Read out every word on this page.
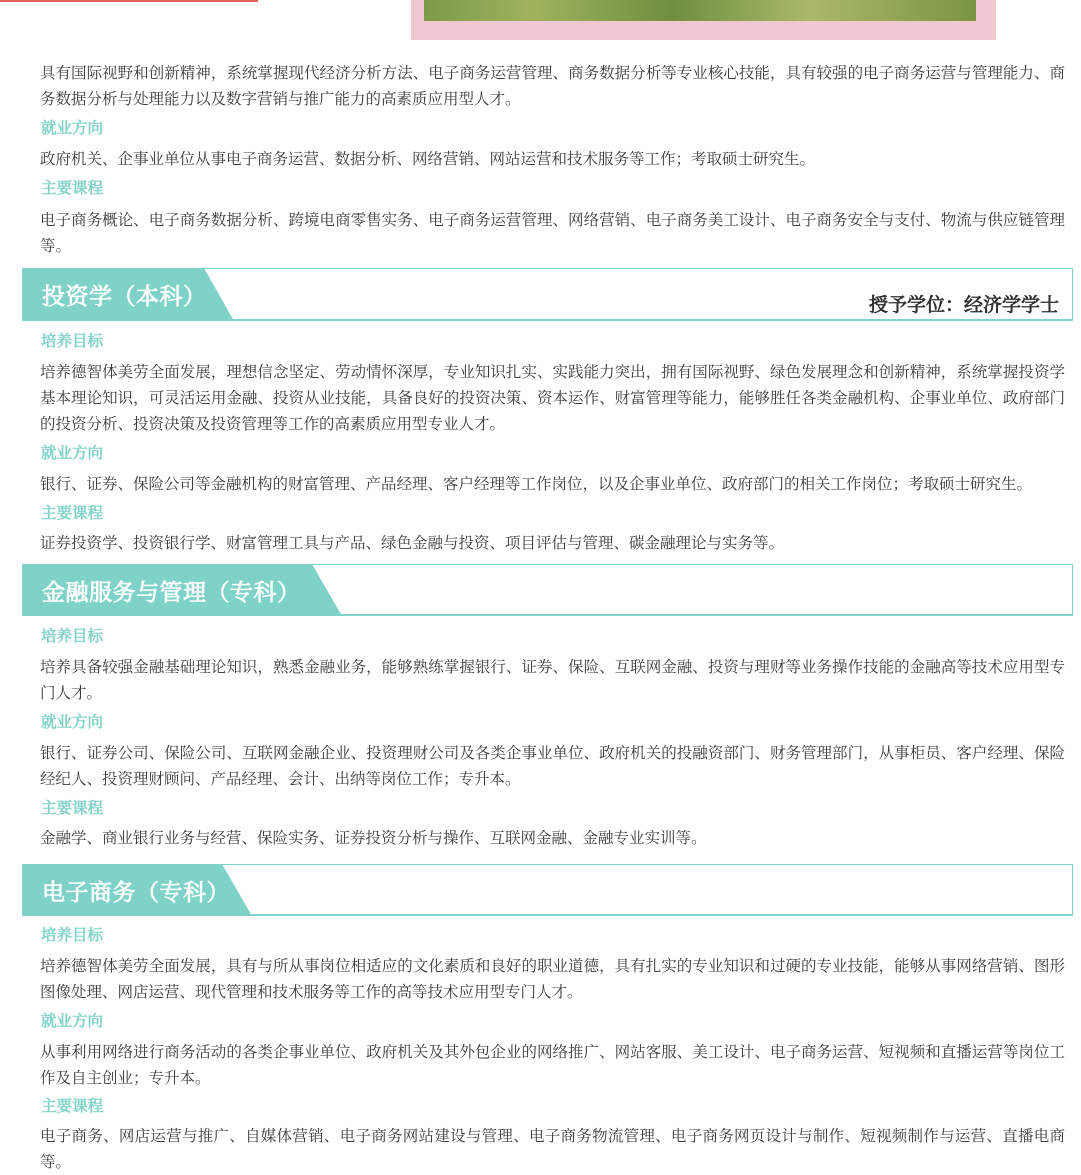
具有国际视野和创新精神，系统掌握现代经济分析方法、电子商务运营管理、商务数据分析等专业核心技能，具有较强的电子商务运营与管理能力、商务数据分析与处理能力以及数字营销与推广能力的高素质应用型人才。

就业方向

政府机关、企事业单位从事电子商务运营、数据分析、网络营销、网站运营和技术服务等工作；考取硕士研究生。

主要课程

电子商务概论、电子商务数据分析、跨境电商零售实务、电子商务运营管理、网络营销、电子商务美工设计、电子商务安全与支付、物流与供应链管理等。

投资学（本科）	授予学位：经济学学士

培养目标

培养德智体美劳全面发展，理想信念坚定、劳动情怀深厚，专业知识扎实、实践能力突出，拥有国际视野、绿色发展理念和创新精神，系统掌握投资学基本理论知识，可灵活运用金融、投资从业技能，具备良好的投资决策、资本运作、财富管理等能力，能够胜任各类金融机构、企事业单位、政府部门的投资分析、投资决策及投资管理等工作的高素质应用型专业人才。

就业方向

银行、证券、保险公司等金融机构的财富管理、产品经理、客户经理等工作岗位，以及企事业单位、政府部门的相关工作岗位；考取硕士研究生。

主要课程

证券投资学、投资银行学、财富管理工具与产品、绿色金融与投资、项目评估与管理、碳金融理论与实务等。

金融服务与管理（专科）

培养目标

培养具备较强金融基础理论知识，熟悉金融业务，能够熟练掌握银行、证券、保险、互联网金融、投资与理财等业务操作技能的金融高等技术应用型专门人才。

就业方向

银行、证券公司、保险公司、互联网金融企业、投资理财公司及各类企事业单位、政府机关的投融资部门、财务管理部门，从事柜员、客户经理、保险经纪人、投资理财顾问、产品经理、会计、出纳等岗位工作；专升本。

主要课程

金融学、商业银行业务与经营、保险实务、证券投资分析与操作、互联网金融、金融专业实训等。

电子商务（专科）

培养目标

培养德智体美劳全面发展，具有与所从事岗位相适应的文化素质和良好的职业道德，具有扎实的专业知识和过硬的专业技能，能够从事网络营销、图形图像处理、网店运营、现代管理和技术服务等工作的高等技术应用型专门人才。

就业方向

从事利用网络进行商务活动的各类企事业单位、政府机关及其外包企业的网络推广、网站客服、美工设计、电子商务运营、短视频和直播运营等岗位工作及自主创业；专升本。

主要课程

电子商务、网店运营与推广、自媒体营销、电子商务网站建设与管理、电子商务物流管理、电子商务网页设计与制作、短视频制作与运营、直播电商等。
